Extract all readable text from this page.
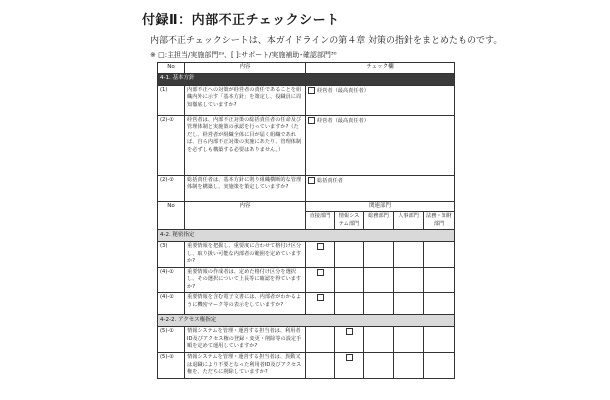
付録Ⅱ：内部不正チェックシート
内部不正チェックシートは、本ガイドラインの第４章 対策の指針をまとめたものです。
※ □:主担当/実施部門²⁹、[ ]:サポート/実施補助･確認部門³⁰
No	内容	チェック欄				
4-1. 基本方針						
(1)	内部不正への対策が経営者の責任であることを組織内外に示す「基本方針」を策定し、役職員に周知徹底していますか?	経営者（最高責任者）				
(2)-①	経営者は、内部不正対策の総括責任者の任命及び管理体制と実施策の承認を行っていますか?（ただし、経営者が組織全体に目が届く組織であれば、自ら内部不正対策の実施にあたり、管理体制を必ずしも構築する必要はありません。）	経営者（最高責任者）				
(2)-②	総括責任者は、基本方針に則り組織横断的な管理体制を構築し、実施策を策定していますか?	総括責任者				
No	内容	関連部門				
		直接部門	情報システム部門	総務部門	人事部門	法務・知財部門
4-2. 秘密指定						
(3)	重要情報を把握し、重要度に合わせて格付け区分し、取り扱い可能な内部者の範囲を定めていますか?					
(4)-①	重要情報の作成者は、定めた格付け区分を選択し、その選択について上長等に確認を得ていますか?					
(4)-②	重要情報を含む電子文書には、内部者がわかるように機密マーク等の表示をしていますか?					
4-2-2. アクセス権指定						
(5)-①	情報システムを管理・運営する担当者は、利用者ID及びアクセス権の登録・変更・削除等の設定手順を定めて運用していますか?					
(5)-②	情報システムを管理・運営する担当者は、異動又は退職により不要となった利用者ID及びアクセス権を、ただちに削除していますか?					
